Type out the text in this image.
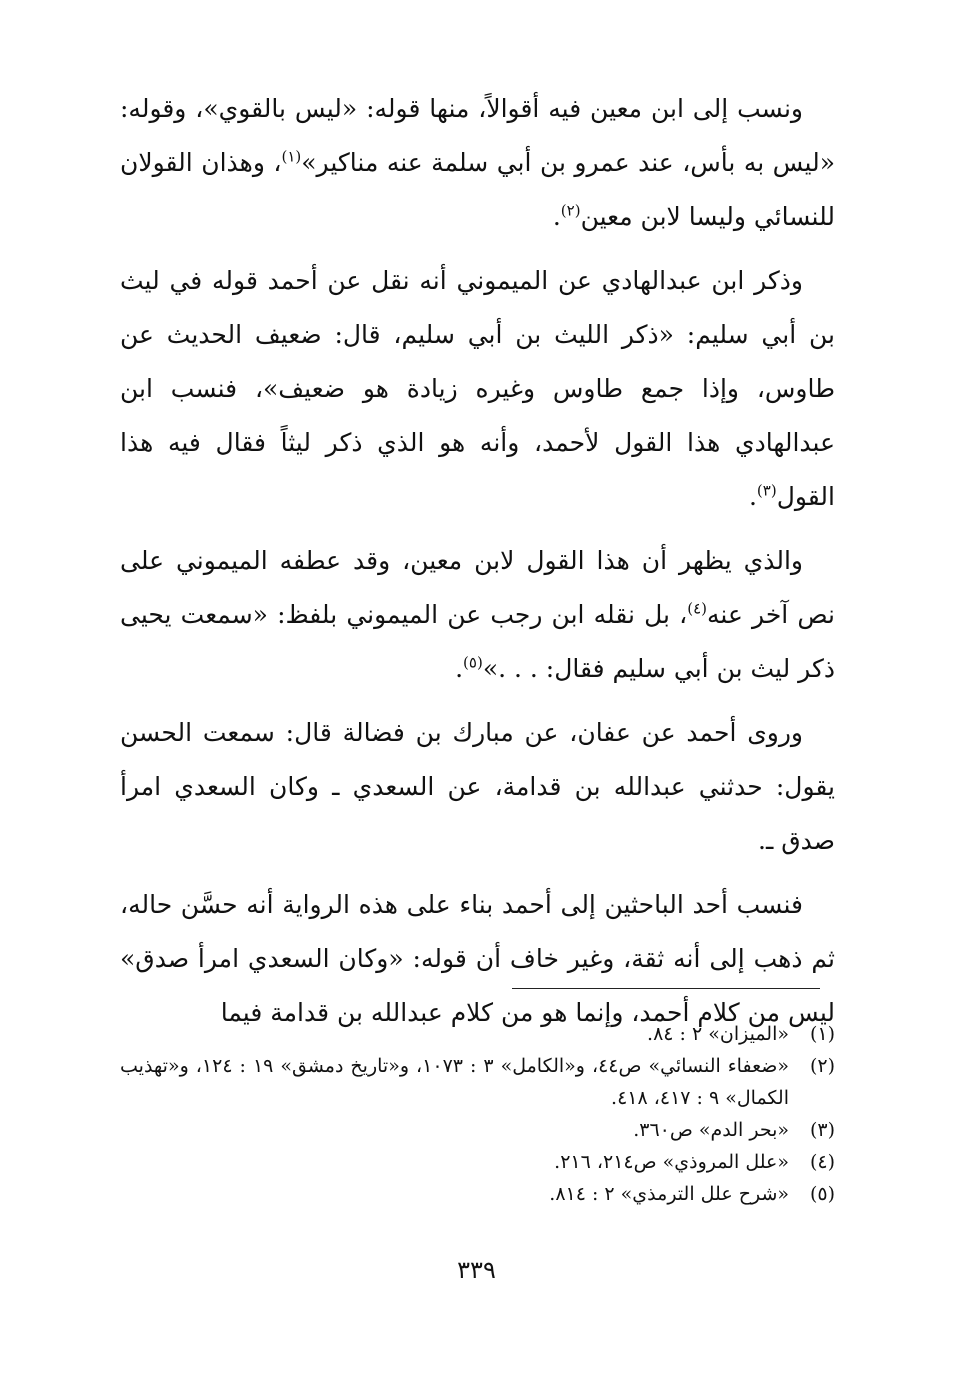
ونسب إلى ابن معين فيه أقوالاً، منها قوله: «ليس بالقوي»، وقوله: «ليس به بأس، عند عمرو بن أبي سلمة عنه مناكير»$^{(١)}$، وهذان القولان للنسائي وليسا لابن معين$^{(٢)}$.

وذكر ابن عبدالهادي عن الميموني أنه نقل عن أحمد قوله في ليث بن أبي سليم: «ذكر الليث بن أبي سليم، قال: ضعيف الحديث عن طاوس، وإذا جمع طاوس وغيره زيادة هو ضعيف»، فنسب ابن عبدالهادي هذا القول لأحمد، وأنه هو الذي ذكر ليثاً فقال فيه هذا القول$^{(٣)}$.

والذي يظهر أن هذا القول لابن معين، وقد عطفه الميموني على نص آخر عنه$^{(٤)}$، بل نقله ابن رجب عن الميموني بلفظ: «سمعت يحيى ذكر ليث بن أبي سليم فقال: . . .»$^{(٥)}$.

وروى أحمد عن عفان، عن مبارك بن فضالة قال: سمعت الحسن يقول: حدثني عبدالله بن قدامة، عن السعدي ـ وكان السعدي امرأ صدق ـ.

فنسب أحد الباحثين إلى أحمد بناء على هذه الرواية أنه حسَّن حاله، ثم ذهب إلى أنه ثقة، وغير خاف أن قوله: «وكان السعدي امرأ صدق» ليس من كلام أحمد، وإنما هو من كلام عبدالله بن قدامة فيما

(١)
«الميزان» ٢ : ٨٤.
(٢)
«ضعفاء النسائي» ص٤٤، و«الكامل» ٣ : ١٠٧٣، و«تاريخ دمشق» ١٩ : ١٢٤، و«تهذيب الكمال» ٩ : ٤١٧، ٤١٨.
(٣)
«بحر الدم» ص٣٦٠.
(٤)
«علل المروذي» ص٢١٤، ٢١٦.
(٥)
«شرح علل الترمذي» ٢ : ٨١٤.
٣٣٩
